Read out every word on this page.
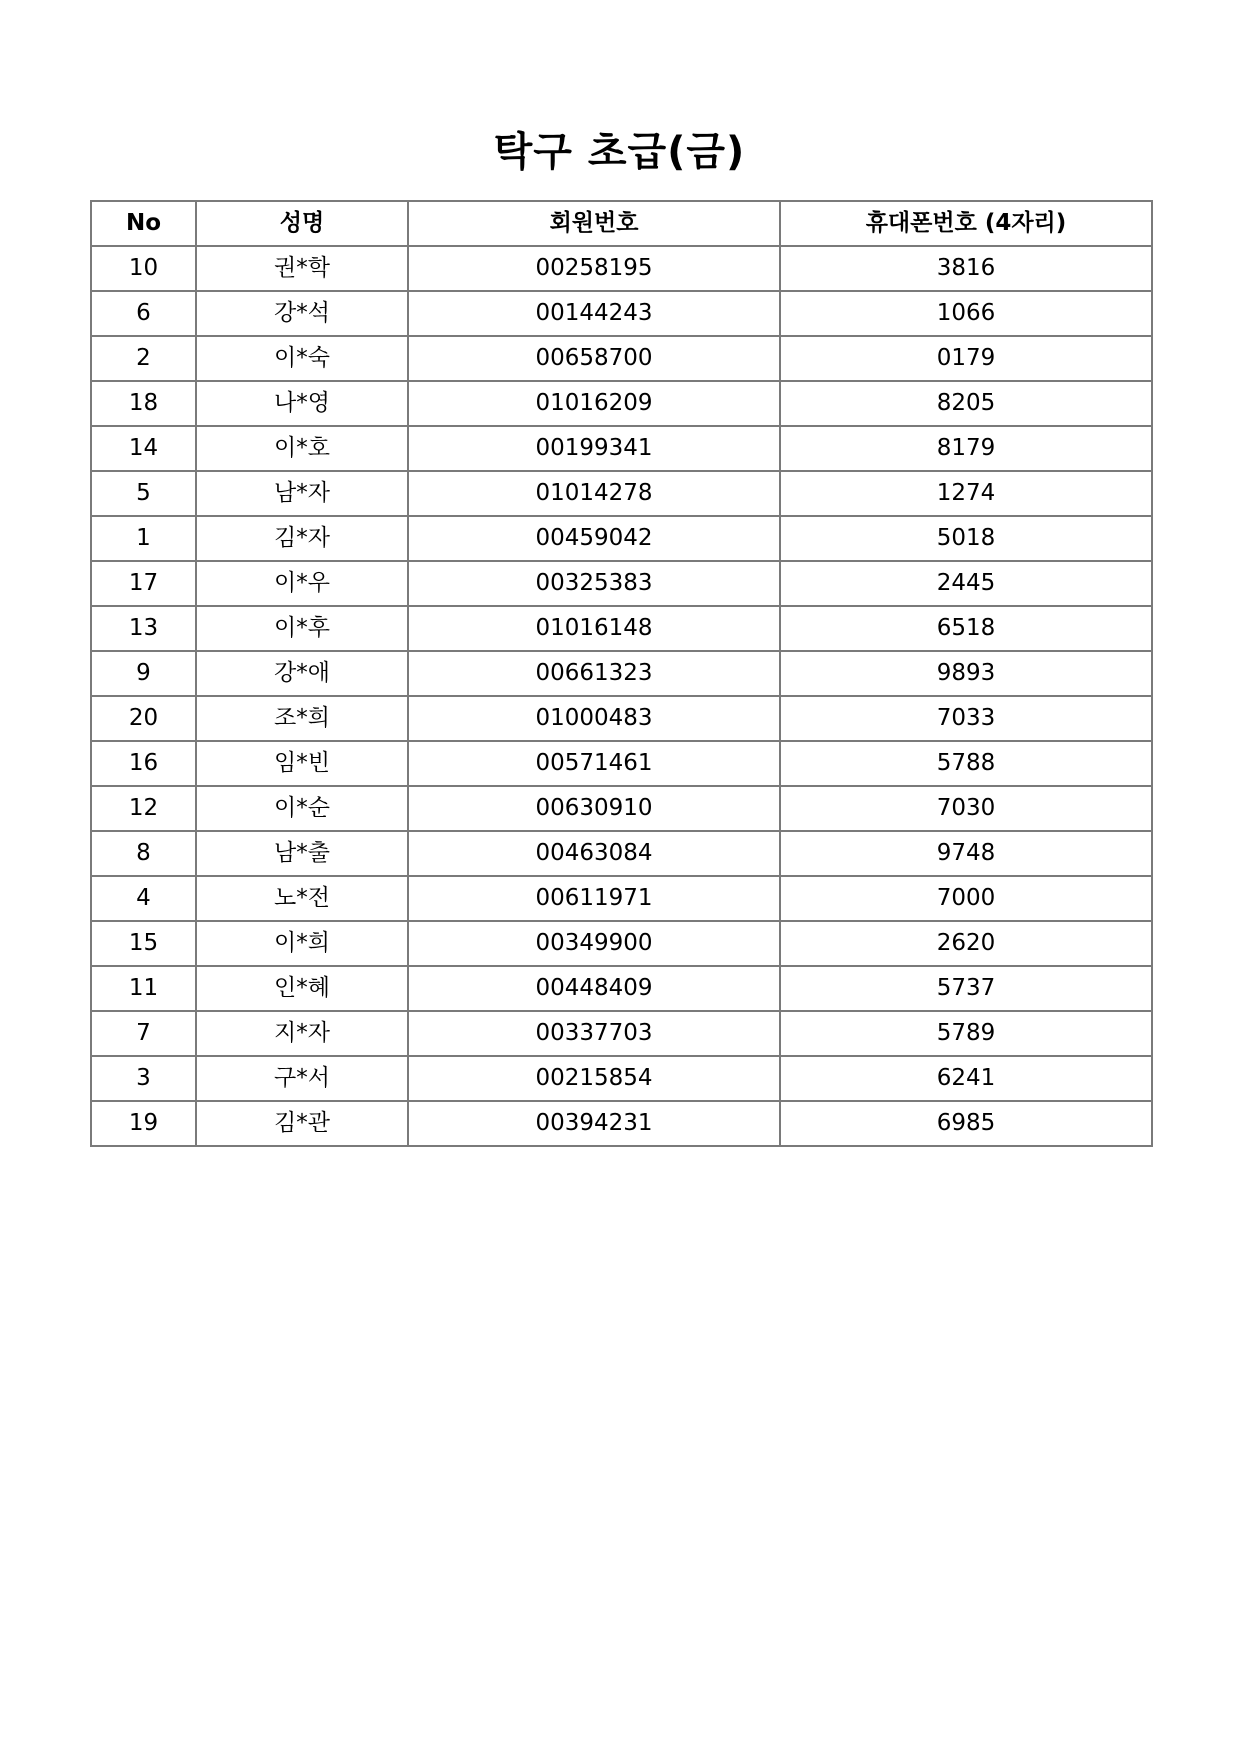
탁구 초급(금)
No	성명	회원번호	휴대폰번호 (4자리)
10	권*학	00258195	3816
6	강*석	00144243	1066
2	이*숙	00658700	0179
18	나*영	01016209	8205
14	이*호	00199341	8179
5	남*자	01014278	1274
1	김*자	00459042	5018
17	이*우	00325383	2445
13	이*후	01016148	6518
9	강*애	00661323	9893
20	조*희	01000483	7033
16	임*빈	00571461	5788
12	이*순	00630910	7030
8	남*출	00463084	9748
4	노*전	00611971	7000
15	이*희	00349900	2620
11	인*혜	00448409	5737
7	지*자	00337703	5789
3	구*서	00215854	6241
19	김*관	00394231	6985
